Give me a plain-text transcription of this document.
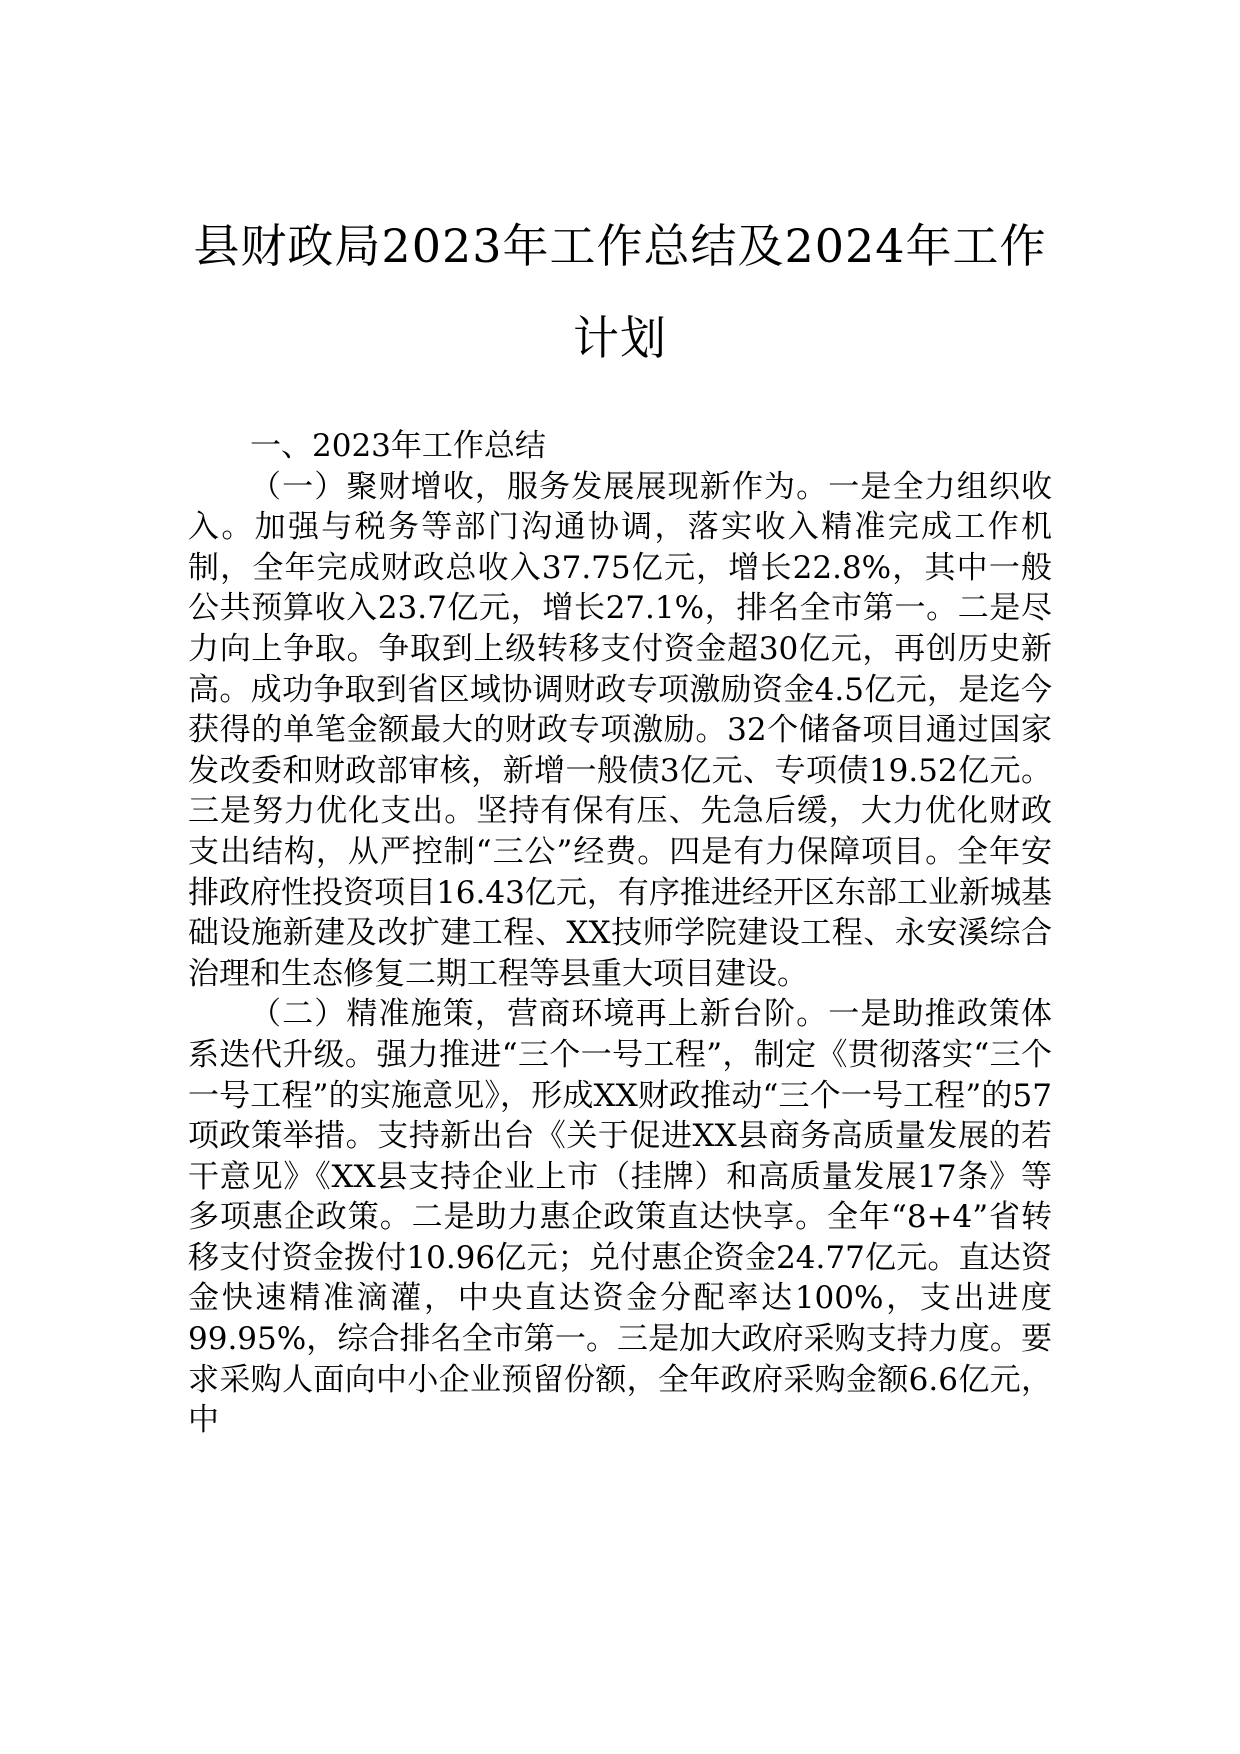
县财政局2023年工作总结及2024年工作计划

一、2023年工作总结

（一）聚财增收，服务发展展现新作为。一是全力组织收入。加强与税务等部门沟通协调，落实收入精准完成工作机制，全年完成财政总收入37.75亿元，增长22.8%，其中一般公共预算收入23.7亿元，增长27.1%，排名全市第一。二是尽力向上争取。争取到上级转移支付资金超30亿元，再创历史新高。成功争取到省区域协调财政专项激励资金4.5亿元，是迄今获得的单笔金额最大的财政专项激励。32个储备项目通过国家发改委和财政部审核，新增一般债3亿元、专项债19.52亿元。三是努力优化支出。坚持有保有压、先急后缓，大力优化财政支出结构，从严控制“三公”经费。四是有力保障项目。全年安排政府性投资项目16.43亿元，有序推进经开区东部工业新城基础设施新建及改扩建工程、XX技师学院建设工程、永安溪综合治理和生态修复二期工程等县重大项目建设。

（二）精准施策，营商环境再上新台阶。一是助推政策体系迭代升级。强力推进“三个一号工程”，制定《贯彻落实“三个一号工程”的实施意见》，形成XX财政推动“三个一号工程”的57项政策举措。支持新出台《关于促进XX县商务高质量发展的若干意见》《XX县支持企业上市（挂牌）和高质量发展17条》等多项惠企政策。二是助力惠企政策直达快享。全年“8+4”省转移支付资金拨付10.96亿元；兑付惠企资金24.77亿元。直达资金快速精准滴灌，中央直达资金分配率达100%，支出进度99.95%，综合排名全市第一。三是加大政府采购支持力度。要求采购人面向中小企业预留份额，全年政府采购金额6.6亿元，中
